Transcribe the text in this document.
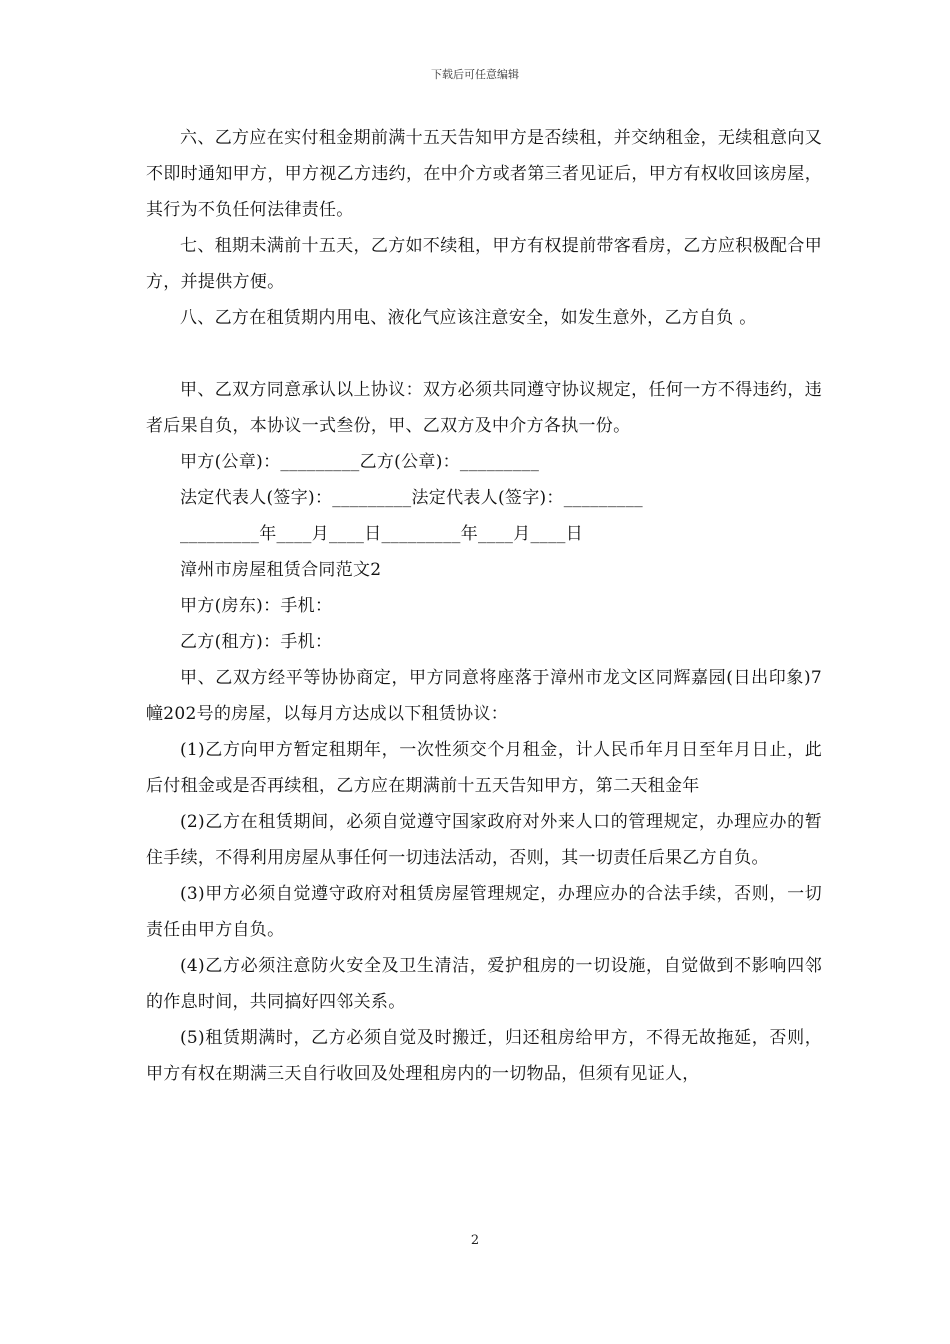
下载后可任意编辑

六、乙方应在实付租金期前满十五天告知甲方是否续租，并交纳租金，无续租意向又不即时通知甲方，甲方视乙方违约，在中介方或者第三者见证后，甲方有权收回该房屋，其行为不负任何法律责任。

七、租期未满前十五天，乙方如不续租，甲方有权提前带客看房，乙方应积极配合甲方，并提供方便。

八、乙方在租赁期内用电、液化气应该注意安全，如发生意外，乙方自负 。

甲、乙双方同意承认以上协议：双方必须共同遵守协议规定，任何一方不得违约，违者后果自负，本协议一式叁份，甲、乙双方及中介方各执一份。

甲方(公章)：_________乙方(公章)：_________

法定代表人(签字)：_________法定代表人(签字)：_________

_________年____月____日_________年____月____日

漳州市房屋租赁合同范文2

甲方(房东)：手机：

乙方(租方)：手机：

甲、乙双方经平等协协商定，甲方同意将座落于漳州市龙文区同辉嘉园(日出印象)7幢202号的房屋，以每月方达成以下租赁协议：

(1)乙方向甲方暂定租期年，一次性须交个月租金，计人民币年月日至年月日止，此后付租金或是否再续租，乙方应在期满前十五天告知甲方，第二天租金年

(2)乙方在租赁期间，必须自觉遵守国家政府对外来人口的管理规定，办理应办的暂住手续，不得利用房屋从事任何一切违法活动，否则，其一切责任后果乙方自负。

(3)甲方必须自觉遵守政府对租赁房屋管理规定，办理应办的合法手续，否则，一切责任由甲方自负。

(4)乙方必须注意防火安全及卫生清洁，爱护租房的一切设施，自觉做到不影响四邻的作息时间，共同搞好四邻关系。

(5)租赁期满时，乙方必须自觉及时搬迁，归还租房给甲方，不得无故拖延，否则，甲方有权在期满三天自行收回及处理租房内的一切物品，但须有见证人，

2
